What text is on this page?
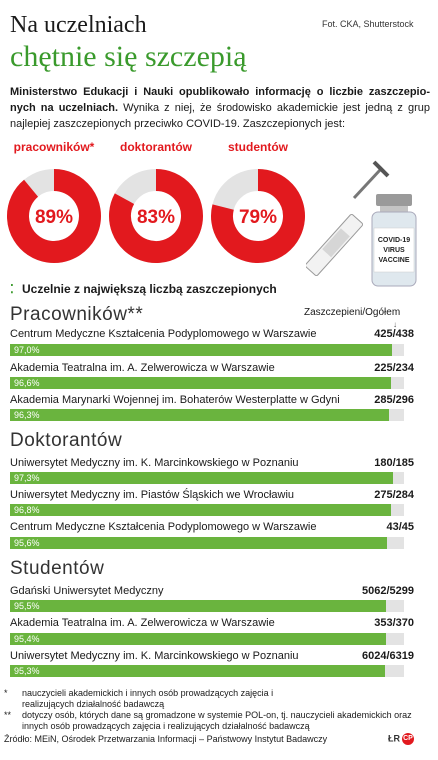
Na uczelniach
chętnie się szczepią
Fot. CKA, Shutterstock
Ministerstwo Edukacji i Nauki opublikowało informację o liczbie zaszczepio-nych na uczelniach. Wynika z niej, że środowisko akademickie jest jedną z grup najlepiej zaszczepionych przeciwko COVID-19. Zaszczepionych jest:
pracowników*	doktorantów	studentów
89%	83%	79%
COVID-19
VIRUS
VACCINE
⁚ Uczelnie z największą liczbą zaszczepionych
Zaszczepieni/Ogółem
↓
Pracowników**
Doktorantów
Studentów
Centrum Medyczne Kształcenia Podyplomowego w Warszawie	425/438
97,0%
Akademia Teatralna im. A. Zelwerowicza w Warszawie	225/234
96,6%
Akademia Marynarki Wojennej im. Bohaterów Westerplatte w Gdyni	285/296
96,3%
Uniwersytet Medyczny im. K. Marcinkowskiego w Poznaniu	180/185
97,3%
Uniwersytet Medyczny im. Piastów Śląskich we Wrocławiu	275/284
96,8%
Centrum Medyczne Kształcenia Podyplomowego w Warszawie	43/45
95,6%
Gdański Uniwersytet Medyczny	5062/5299
95,5%
Akademia Teatralna im. A. Zelwerowicza w Warszawie	353/370
95,4%
Uniwersytet Medyczny im. K. Marcinkowskiego w Poznaniu	6024/6319
95,3%
* nauczycieli akademickich i innych osób prowadzących zajęcia i realizujących działalność badawczą
** dotyczy osób, których dane są gromadzone w systemie POL-on, tj. nauczycieli akademickich oraz innych osób prowadzących zajęcia i realizujących działalność badawczą
Źródło: MEiN, Ośrodek Przetwarzania Informacji – Państwowy Instytut Badawczy	ŁR CP
